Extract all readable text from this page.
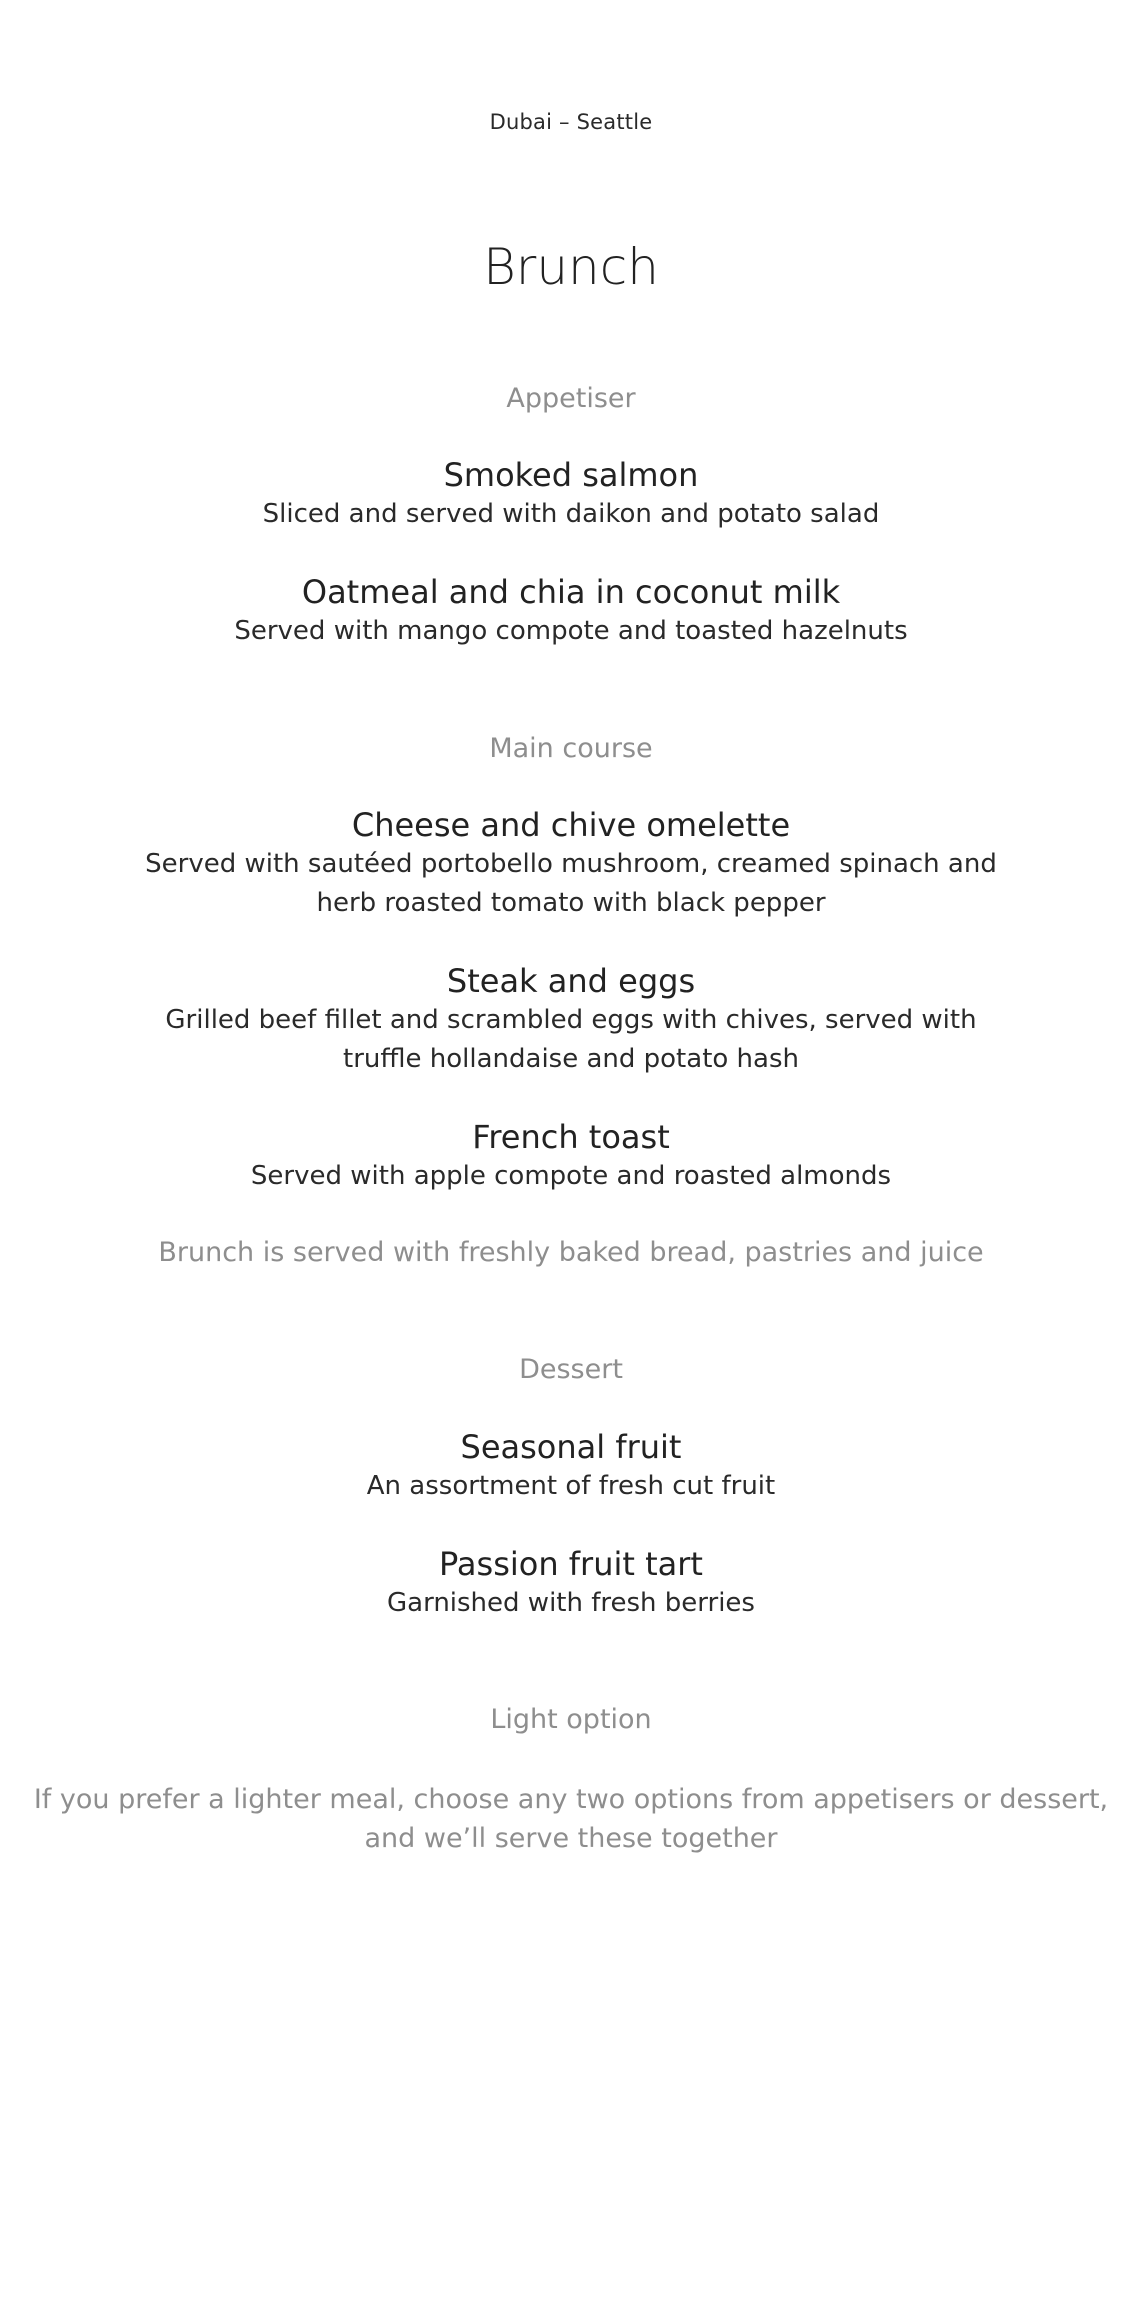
Dubai – Seattle
Brunch
Appetiser
Smoked salmon
Sliced and served with daikon and potato salad
Oatmeal and chia in coconut milk
Served with mango compote and toasted hazelnuts
Main course
Cheese and chive omelette
Served with sautéed portobello mushroom, creamed spinach and
herb roasted tomato with black pepper
Steak and eggs
Grilled beef fillet and scrambled eggs with chives, served with
truffle hollandaise and potato hash
French toast
Served with apple compote and roasted almonds
Brunch is served with freshly baked bread, pastries and juice
Dessert
Seasonal fruit
An assortment of fresh cut fruit
Passion fruit tart
Garnished with fresh berries
Light option
If you prefer a lighter meal, choose any two options from appetisers or dessert,
and we’ll serve these together
